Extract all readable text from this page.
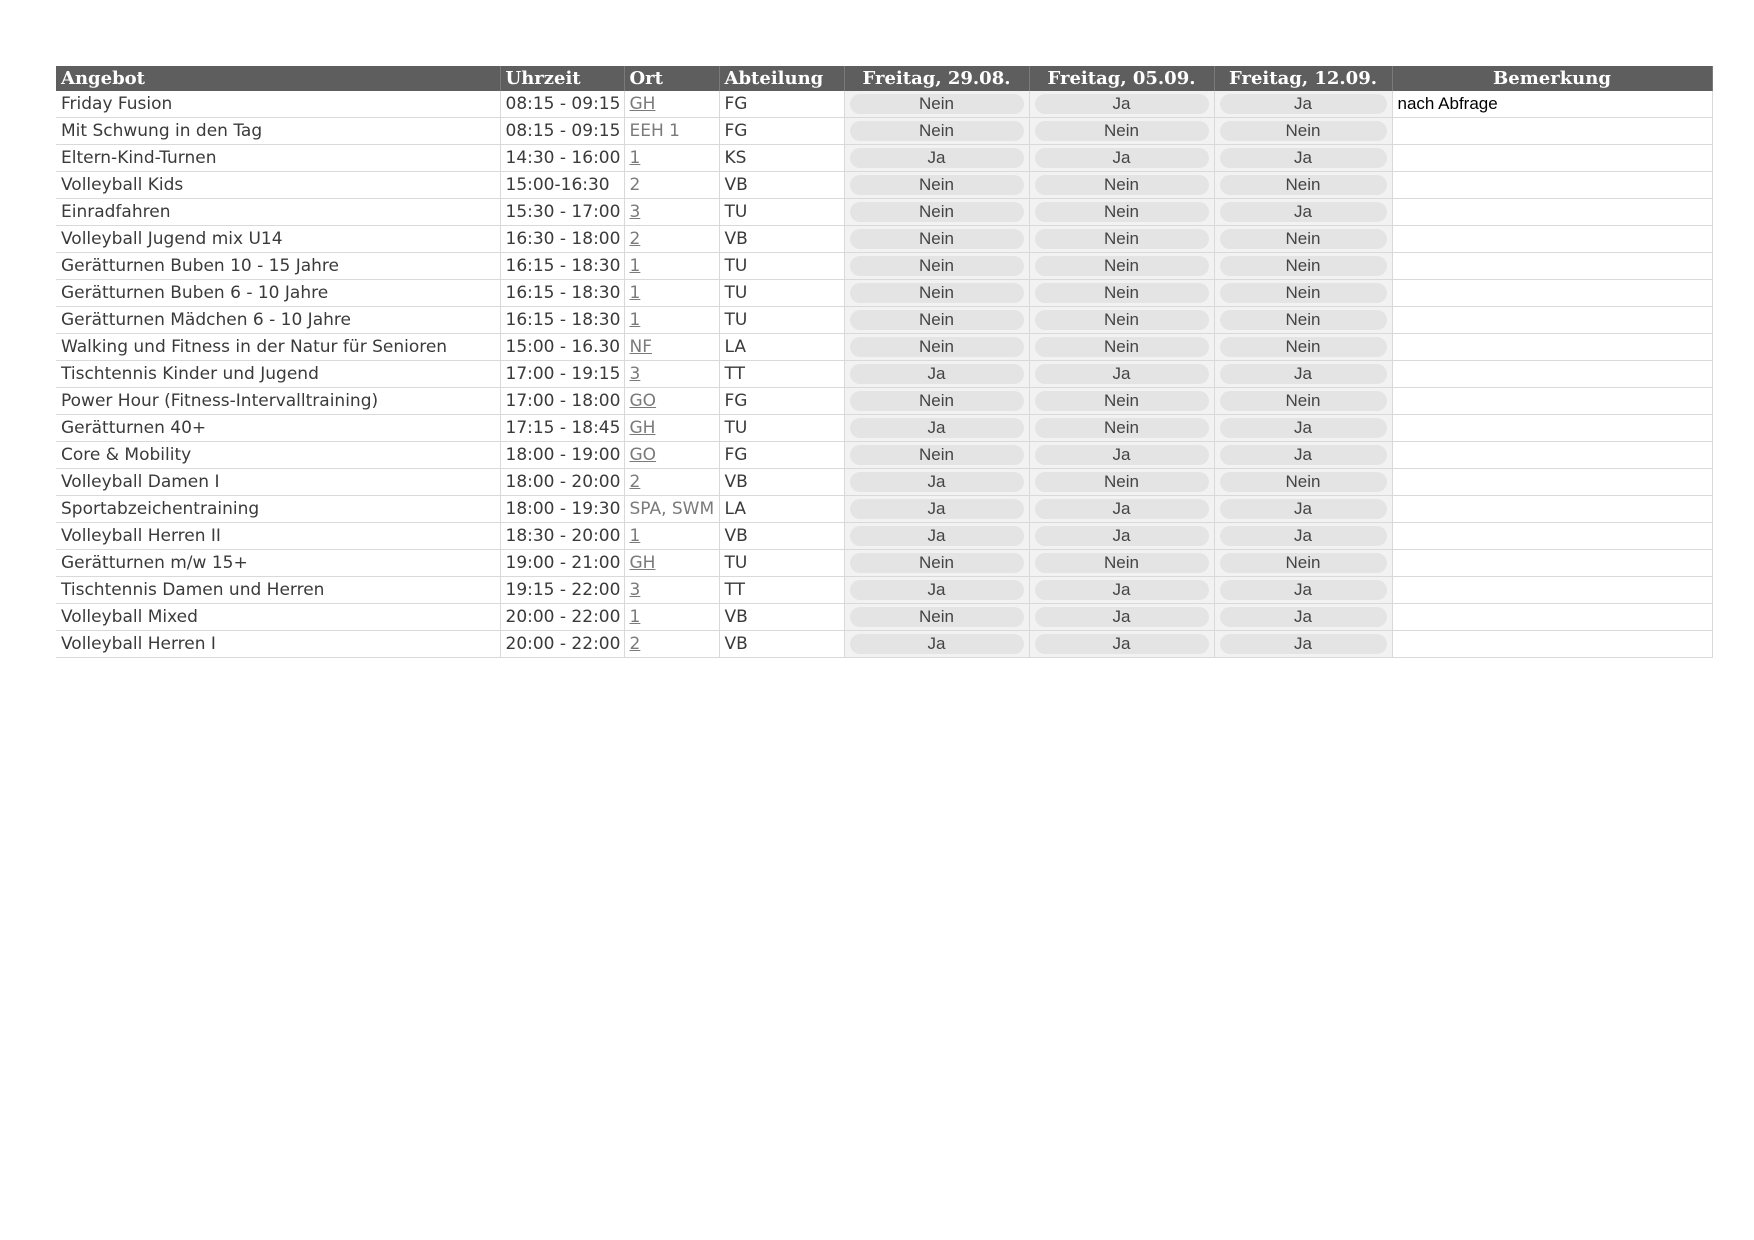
Angebot	Uhrzeit	Ort	Abteilung	Freitag, 29.08.	Freitag, 05.09.	Freitag, 12.09.	Bemerkung
Friday Fusion	08:15 - 09:15	GH	FG	Nein	Ja	Ja	nach Abfrage
Mit Schwung in den Tag	08:15 - 09:15	EEH 1	FG	Nein	Nein	Nein	

Eltern-Kind-Turnen	14:30 - 16:00	1	KS	Ja	Ja	Ja	

Volleyball Kids	15:00-16:30	2	VB	Nein	Nein	Nein	

Einradfahren	15:30 - 17:00	3	TU	Nein	Nein	Ja	

Volleyball Jugend mix U14	16:30 - 18:00	2	VB	Nein	Nein	Nein	

Gerätturnen Buben 10 - 15 Jahre	16:15 - 18:30	1	TU	Nein	Nein	Nein	

Gerätturnen Buben 6 - 10 Jahre	16:15 - 18:30	1	TU	Nein	Nein	Nein	

Gerätturnen Mädchen 6 - 10 Jahre	16:15 - 18:30	1	TU	Nein	Nein	Nein	

Walking und Fitness in der Natur für Senioren	15:00 - 16.30	NF	LA	Nein	Nein	Nein	

Tischtennis Kinder und Jugend	17:00 - 19:15	3	TT	Ja	Ja	Ja	

Power Hour (Fitness-Intervalltraining)	17:00 - 18:00	GO	FG	Nein	Nein	Nein	

Gerätturnen 40+	17:15 - 18:45	GH	TU	Ja	Nein	Ja	

Core & Mobility	18:00 - 19:00	GO	FG	Nein	Ja	Ja	

Volleyball Damen I	18:00 - 20:00	2	VB	Ja	Nein	Nein	

Sportabzeichentraining	18:00 - 19:30	SPA, SWM	LA	Ja	Ja	Ja	

Volleyball Herren II	18:30 - 20:00	1	VB	Ja	Ja	Ja	

Gerätturnen m/w 15+	19:00 - 21:00	GH	TU	Nein	Nein	Nein	

Tischtennis Damen und Herren	19:15 - 22:00	3	TT	Ja	Ja	Ja	

Volleyball Mixed	20:00 - 22:00	1	VB	Nein	Ja	Ja	

Volleyball Herren I	20:00 - 22:00	2	VB	Ja	Ja	Ja	
